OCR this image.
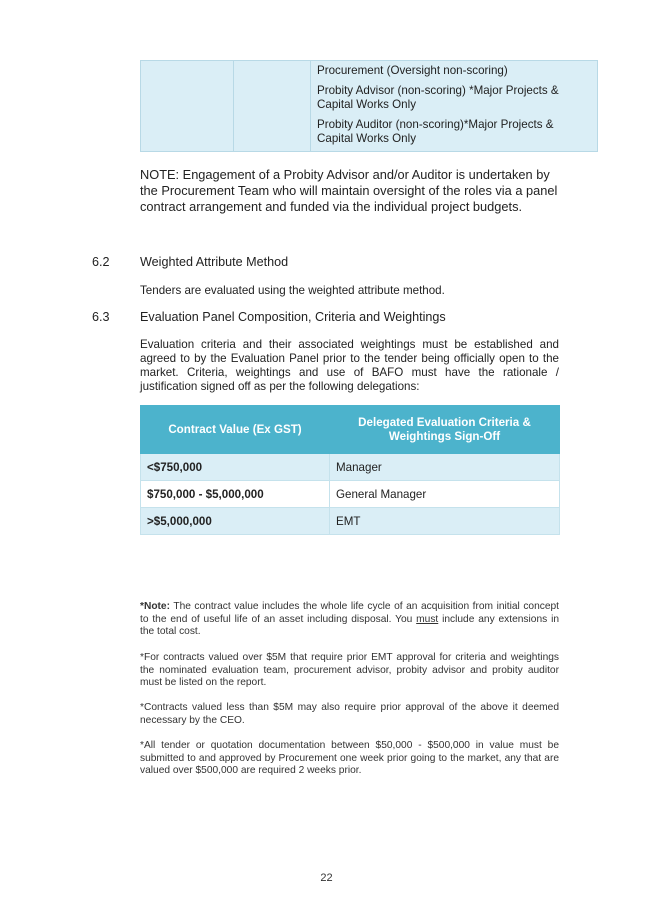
Procurement (Oversight non-scoring)

Probity Advisor (non-scoring) *Major Projects & Capital Works Only

Probity Auditor (non-scoring)*Major Projects & Capital Works Only

NOTE: Engagement of a Probity Advisor and/or Auditor is undertaken by the Procurement Team who will maintain oversight of the roles via a panel contract arrangement and funded via the individual project budgets.

6.2 Weighted Attribute Method

Tenders are evaluated using the weighted attribute method.

6.3 Evaluation Panel Composition, Criteria and Weightings

Evaluation criteria and their associated weightings must be established and agreed to by the Evaluation Panel prior to the tender being officially open to the market. Criteria, weightings and use of BAFO must have the rationale / justification signed off as per the following delegations:

Contract Value (Ex GST)	Delegated Evaluation Criteria & Weightings Sign-Off
<$750,000	Manager
$750,000 - $5,000,000	General Manager
>$5,000,000	EMT

*Note: The contract value includes the whole life cycle of an acquisition from initial concept to the end of useful life of an asset including disposal. You must include any extensions in the total cost.

*For contracts valued over $5M that require prior EMT approval for criteria and weightings the nominated evaluation team, procurement advisor, probity advisor and probity auditor must be listed on the report.

*Contracts valued less than $5M may also require prior approval of the above it deemed necessary by the CEO.

*All tender or quotation documentation between $50,000 - $500,000 in value must be submitted to and approved by Procurement one week prior going to the market, any that are valued over $500,000 are required 2 weeks prior.

22
